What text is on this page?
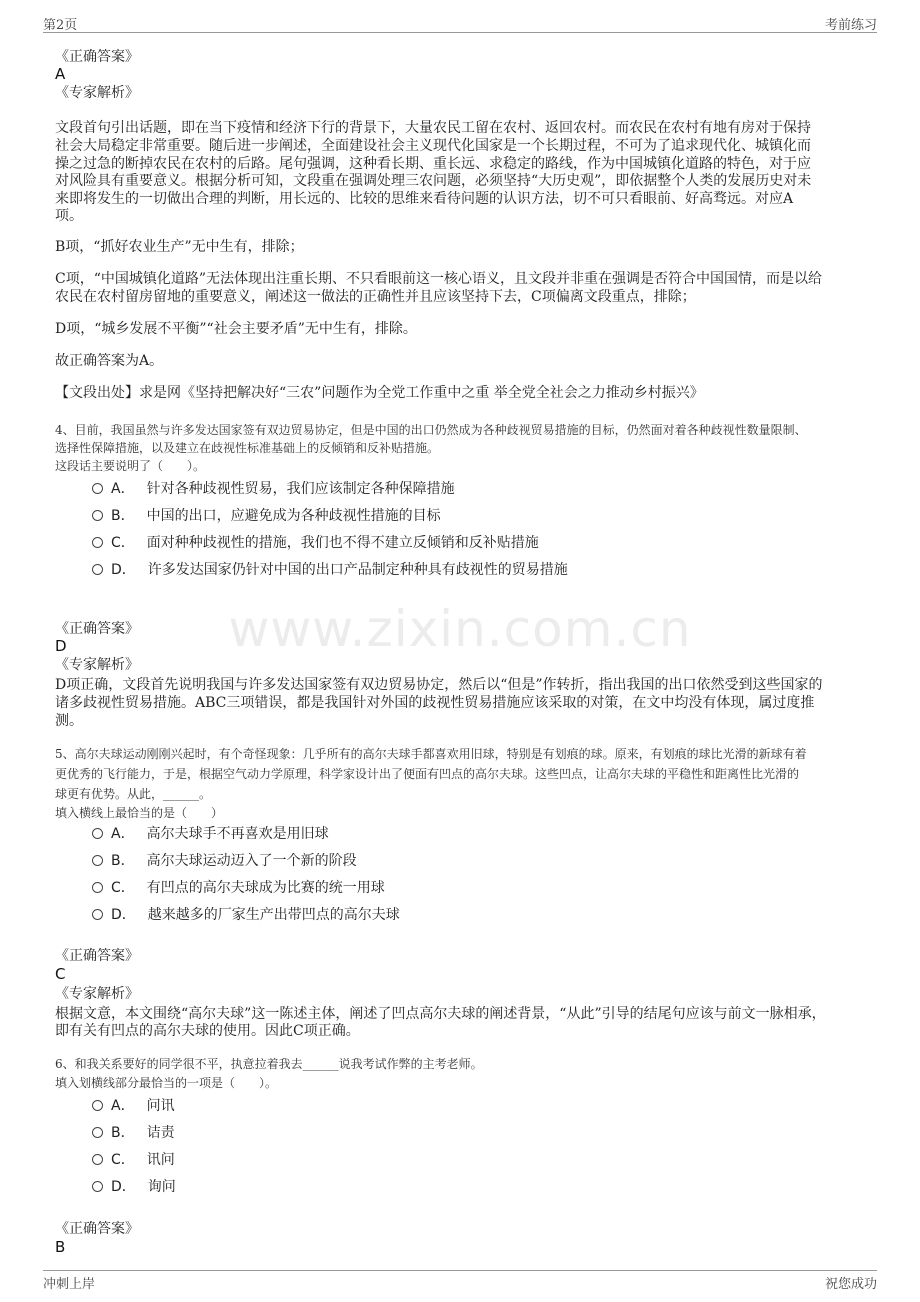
第2页	考前练习
www.zixin.com.cn

《正确答案》

A

《专家解析》

文段首句引出话题，即在当下疫情和经济下行的背景下，大量农民工留在农村、返回农村。而农民在农村有地有房对于保持

社会大局稳定非常重要。随后进一步阐述，全面建设社会主义现代化国家是一个长期过程，不可为了追求现代化、城镇化而

操之过急的断掉农民在农村的后路。尾句强调，这种看长期、重长远、求稳定的路线，作为中国城镇化道路的特色，对于应

对风险具有重要意义。根据分析可知，文段重在强调处理三农问题，必须坚持“大历史观”，即依据整个人类的发展历史对未

来即将发生的一切做出合理的判断，用长远的、比较的思维来看待问题的认识方法，切不可只看眼前、好高骛远。对应A

项。

B项，“抓好农业生产”无中生有，排除；

C项，“中国城镇化道路”无法体现出注重长期、不只看眼前这一核心语义，且文段并非重在强调是否符合中国国情，而是以给

农民在农村留房留地的重要意义，阐述这一做法的正确性并且应该坚持下去，C项偏离文段重点，排除；

D项，“城乡发展不平衡”“社会主要矛盾”无中生有，排除。

故正确答案为A。

【文段出处】求是网《坚持把解决好“三农”问题作为全党工作重中之重 举全党全社会之力推动乡村振兴》

4、目前，我国虽然与许多发达国家签有双边贸易协定，但是中国的出口仍然成为各种歧视贸易措施的目标，仍然面对着各种歧视性数量限制、

选择性保障措施，以及建立在歧视性标准基础上的反倾销和反补贴措施。

这段话主要说明了（　　）。

A． 针对各种歧视性贸易，我们应该制定各种保障措施
B． 中国的出口，应避免成为各种歧视性措施的目标
C． 面对种种歧视性的措施，我们也不得不建立反倾销和反补贴措施
D． 许多发达国家仍针对中国的出口产品制定种种具有歧视性的贸易措施

《正确答案》

D

《专家解析》

D项正确，文段首先说明我国与许多发达国家签有双边贸易协定，然后以“但是”作转折，指出我国的出口依然受到这些国家的

诸多歧视性贸易措施。ABC三项错误，都是我国针对外国的歧视性贸易措施应该采取的对策，在文中均没有体现，属过度推

测。

5、高尔夫球运动刚刚兴起时，有个奇怪现象：几乎所有的高尔夫球手都喜欢用旧球，特别是有划痕的球。原来，有划痕的球比光滑的新球有着

更优秀的飞行能力，于是，根据空气动力学原理，科学家设计出了便面有凹点的高尔夫球。这些凹点，让高尔夫球的平稳性和距离性比光滑的

球更有优势。从此，______。

填入横线上最恰当的是（　　）

A． 高尔夫球手不再喜欢是用旧球
B． 高尔夫球运动迈入了一个新的阶段
C． 有凹点的高尔夫球成为比赛的统一用球
D． 越来越多的厂家生产出带凹点的高尔夫球

《正确答案》

C

《专家解析》

根据文意，本文围绕“高尔夫球”这一陈述主体，阐述了凹点高尔夫球的阐述背景，“从此”引导的结尾句应该与前文一脉相承，

即有关有凹点的高尔夫球的使用。因此C项正确。

6、和我关系要好的同学很不平，执意拉着我去______说我考试作弊的主考老师。

填入划横线部分最恰当的一项是（　　）。

A． 问讯
B． 诘责
C． 讯问
D． 询问

《正确答案》

B

冲刺上岸	祝您成功
